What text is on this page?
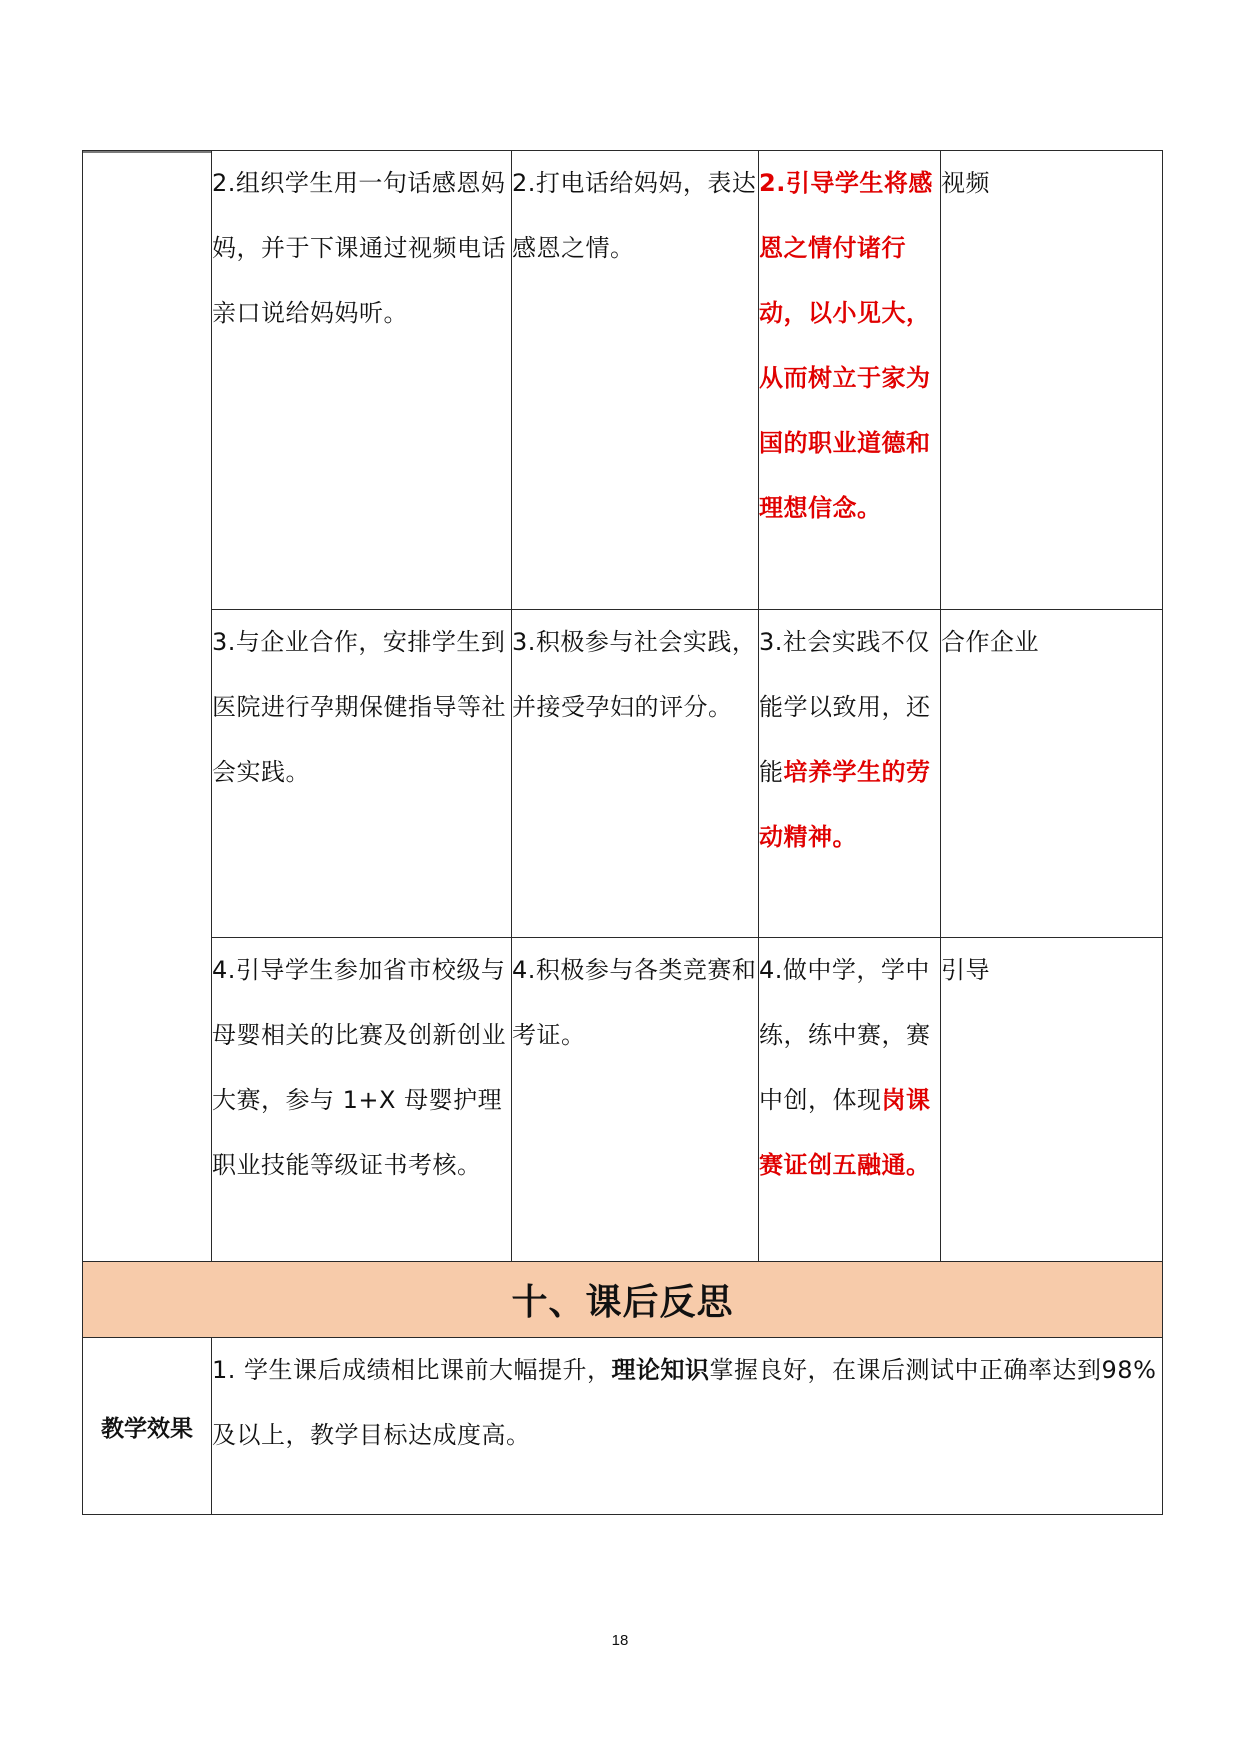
	2.组织学生用一句话感恩妈妈，并于下课通过视频电话亲口说给妈妈听。	2.打电话给妈妈，表达感恩之情。	2.引导学生将感恩之情付诸行动，以小见大，从而树立于家为国的职业道德和理想信念。	视频
	3.与企业合作，安排学生到医院进行孕期保健指导等社会实践。	3.积极参与社会实践，并接受孕妇的评分。	3.社会实践不仅能学以致用，还能培养学生的劳动精神。	合作企业
	4.引导学生参加省市校级与母婴相关的比赛及创新创业大赛，参与 1+X 母婴护理职业技能等级证书考核。	4.积极参与各类竞赛和考证。	4.做中学，学中练，练中赛，赛中创，体现岗课赛证创五融通。	引导
十、课后反思				
教学效果	1. 学生课后成绩相比课前大幅提升，理论知识掌握良好，在课后测试中正确率达到98%及以上，教学目标达成度高。			
18
